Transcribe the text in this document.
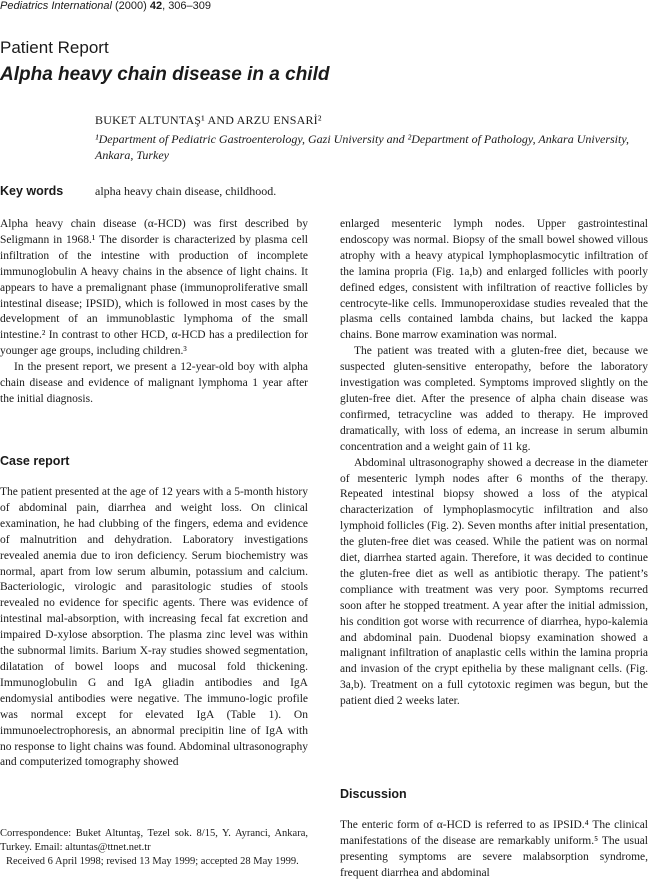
Pediatrics International (2000) 42, 306–309
Patient Report
Alpha heavy chain disease in a child
BUKET ALTUNTAŞ¹ AND ARZU ENSARİ²
¹Department of Pediatric Gastroenterology, Gazi University and ²Department of Pathology, Ankara University, Ankara, Turkey
Key words	alpha heavy chain disease, childhood.

Alpha heavy chain disease (α-HCD) was first described by Seligmann in 1968.¹ The disorder is characterized by plasma cell infiltration of the intestine with production of incomplete immunoglobulin A heavy chains in the absence of light chains. It appears to have a premalignant phase (immunoproliferative small intestinal disease; IPSID), which is followed in most cases by the development of an immunoblastic lymphoma of the small intestine.² In contrast to other HCD, α-HCD has a predilection for younger age groups, including children.³

In the present report, we present a 12-year-old boy with alpha chain disease and evidence of malignant lymphoma 1 year after the initial diagnosis.

Case report

The patient presented at the age of 12 years with a 5-month history of abdominal pain, diarrhea and weight loss. On clinical examination, he had clubbing of the fingers, edema and evidence of malnutrition and dehydration. Laboratory investigations revealed anemia due to iron deficiency. Serum biochemistry was normal, apart from low serum albumin, potassium and calcium. Bacteriologic, virologic and parasitologic studies of stools revealed no evidence for specific agents. There was evidence of intestinal mal-absorption, with increasing fecal fat excretion and impaired D-xylose absorption. The plasma zinc level was within the subnormal limits. Barium X-ray studies showed segmentation, dilatation of bowel loops and mucosal fold thickening. Immunoglobulin G and IgA gliadin antibodies and IgA endomysial antibodies were negative. The immuno-logic profile was normal except for elevated IgA (Table 1). On immunoelectrophoresis, an abnormal precipitin line of IgA with no response to light chains was found. Abdominal ultrasonography and computerized tomography showed

enlarged mesenteric lymph nodes. Upper gastrointestinal endoscopy was normal. Biopsy of the small bowel showed villous atrophy with a heavy atypical lymphoplasmocytic infiltration of the lamina propria (Fig. 1a,b) and enlarged follicles with poorly defined edges, consistent with infiltration of reactive follicles by centrocyte-like cells. Immunoperoxidase studies revealed that the plasma cells contained lambda chains, but lacked the kappa chains. Bone marrow examination was normal.

The patient was treated with a gluten-free diet, because we suspected gluten-sensitive enteropathy, before the laboratory investigation was completed. Symptoms improved slightly on the gluten-free diet. After the presence of alpha chain disease was confirmed, tetracycline was added to therapy. He improved dramatically, with loss of edema, an increase in serum albumin concentration and a weight gain of 11 kg.

Abdominal ultrasonography showed a decrease in the diameter of mesenteric lymph nodes after 6 months of the therapy. Repeated intestinal biopsy showed a loss of the atypical characterization of lymphoplasmocytic infiltration and also lymphoid follicles (Fig. 2). Seven months after initial presentation, the gluten-free diet was ceased. While the patient was on normal diet, diarrhea started again. Therefore, it was decided to continue the gluten-free diet as well as antibiotic therapy. The patient’s compliance with treatment was very poor. Symptoms recurred soon after he stopped treatment. A year after the initial admission, his condition got worse with recurrence of diarrhea, hypo-kalemia and abdominal pain. Duodenal biopsy examination showed a malignant infiltration of anaplastic cells within the lamina propria and invasion of the crypt epithelia by these malignant cells. (Fig. 3a,b). Treatment on a full cytotoxic regimen was begun, but the patient died 2 weeks later.

Discussion

The enteric form of α-HCD is referred to as IPSID.⁴ The clinical manifestations of the disease are remarkably uniform.⁵ The usual presenting symptoms are severe malabsorption syndrome, frequent diarrhea and abdominal

Correspondence: Buket Altuntaş, Tezel sok. 8/15, Y. Ayranci, Ankara, Turkey. Email: altuntas@ttnet.net.tr

Received 6 April 1998; revised 13 May 1999; accepted 28 May 1999.
